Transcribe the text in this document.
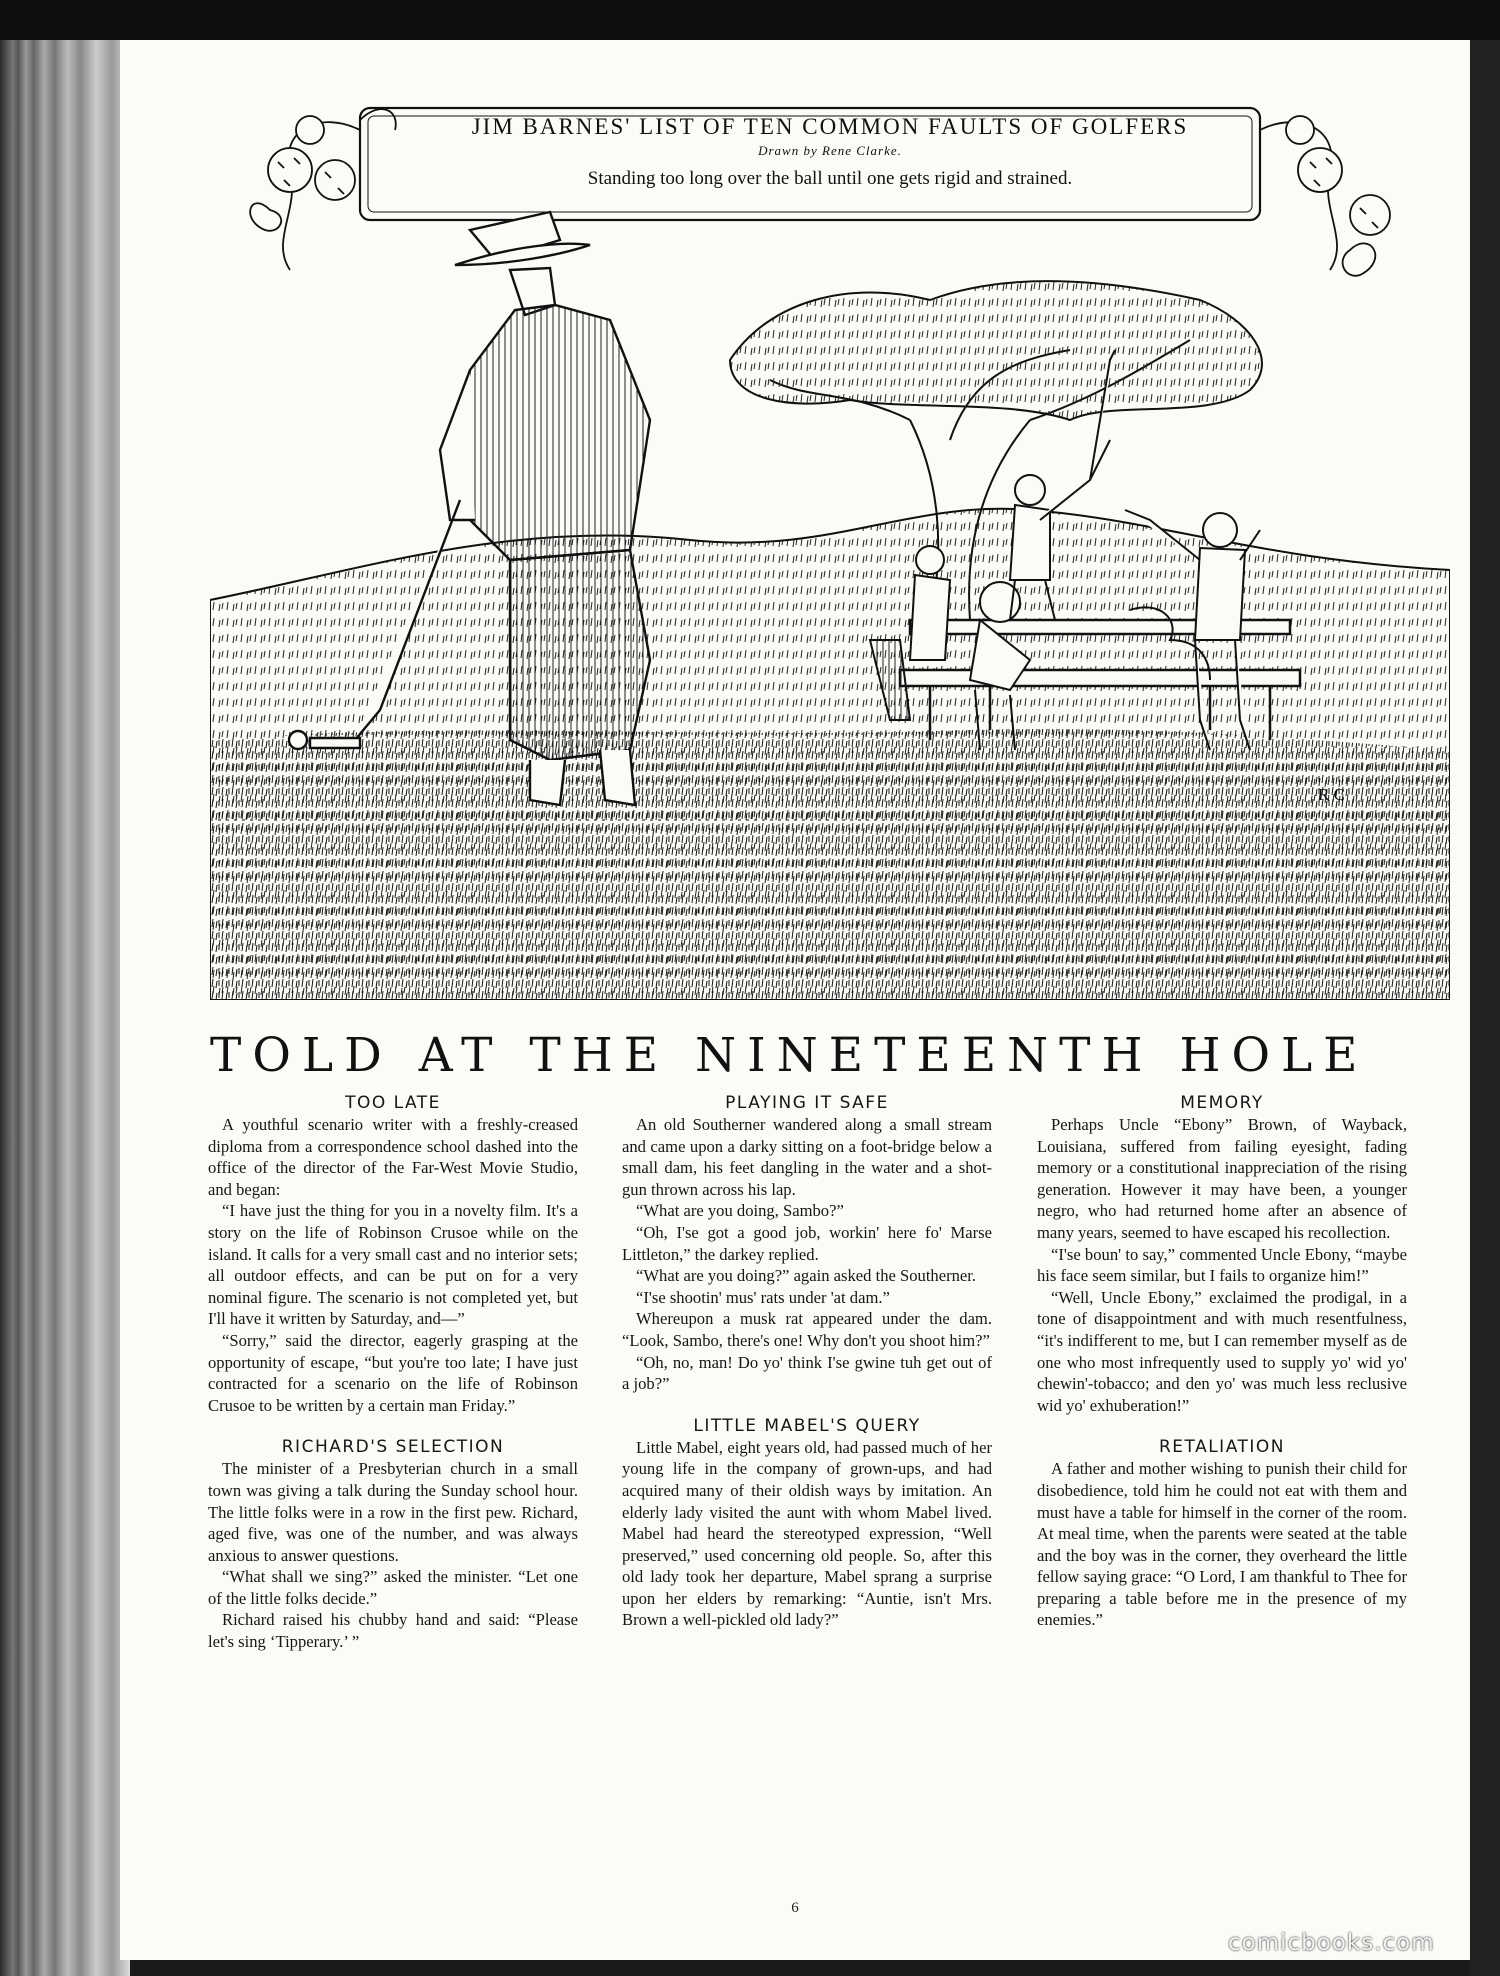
R C
JIM BARNES' LIST OF TEN COMMON FAULTS OF GOLFERS
Drawn by Rene Clarke.
Standing too long over the ball until one gets rigid and strained.
TOLD AT THE NINETEENTH HOLE
TOO LATE

A youthful scenario writer with a freshly-creased diploma from a correspondence school dashed into the office of the director of the Far-West Movie Studio, and began:

“I have just the thing for you in a novelty film. It's a story on the life of Robinson Crusoe while on the island. It calls for a very small cast and no interior sets; all outdoor effects, and can be put on for a very nominal figure. The scenario is not completed yet, but I'll have it written by Saturday, and—”

“Sorry,” said the director, eagerly grasping at the opportunity of escape, “but you're too late; I have just contracted for a scenario on the life of Robinson Crusoe to be written by a certain man Friday.”

RICHARD'S SELECTION

The minister of a Presbyterian church in a small town was giving a talk during the Sunday school hour. The little folks were in a row in the first pew. Richard, aged five, was one of the number, and was always anxious to answer questions.

“What shall we sing?” asked the minister. “Let one of the little folks decide.”

Richard raised his chubby hand and said: “Please let's sing ‘Tipperary.’ ”

PLAYING IT SAFE

An old Southerner wandered along a small stream and came upon a darky sitting on a foot-bridge below a small dam, his feet dangling in the water and a shot-gun thrown across his lap.

“What are you doing, Sambo?”

“Oh, I'se got a good job, workin' here fo' Marse Littleton,” the darkey replied.

“What are you doing?” again asked the Southerner.

“I'se shootin' mus' rats under 'at dam.”

Whereupon a musk rat appeared under the dam. “Look, Sambo, there's one! Why don't you shoot him?”

“Oh, no, man! Do yo' think I'se gwine tuh get out of a job?”

LITTLE MABEL'S QUERY

Little Mabel, eight years old, had passed much of her young life in the company of grown-ups, and had acquired many of their oldish ways by imitation. An elderly lady visited the aunt with whom Mabel lived. Mabel had heard the stereotyped expression, “Well preserved,” used concerning old people. So, after this old lady took her departure, Mabel sprang a surprise upon her elders by remarking: “Auntie, isn't Mrs. Brown a well-pickled old lady?”

MEMORY

Perhaps Uncle “Ebony” Brown, of Wayback, Louisiana, suffered from failing eyesight, fading memory or a constitutional inappreciation of the rising generation. However it may have been, a younger negro, who had returned home after an absence of many years, seemed to have escaped his recollection.

“I'se boun' to say,” commented Uncle Ebony, “maybe his face seem similar, but I fails to organize him!”

“Well, Uncle Ebony,” exclaimed the prodigal, in a tone of disappointment and with much resentfulness, “it's indifferent to me, but I can remember myself as de one who most infrequently used to supply yo' wid yo' chewin'-tobacco; and den yo' was much less reclusive wid yo' exhuberation!”

RETALIATION

A father and mother wishing to punish their child for disobedience, told him he could not eat with them and must have a table for himself in the corner of the room. At meal time, when the parents were seated at the table and the boy was in the corner, they overheard the little fellow saying grace: “O Lord, I am thankful to Thee for preparing a table before me in the presence of my enemies.”

6
comicbooks.com
